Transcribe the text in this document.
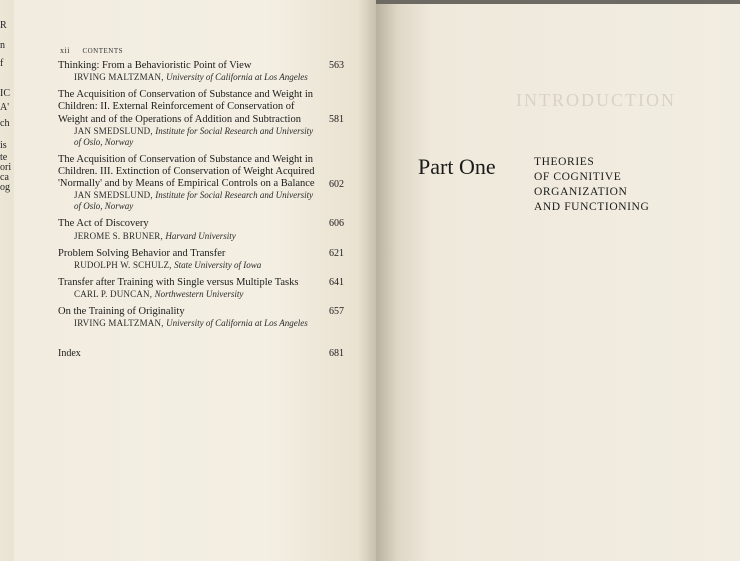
R
n
f
IC
A'
ch
is
te
ori
ca
og
INTRODUCTION
xii CONTENTS
Thinking: From a Behavioristic Point of View
IRVING MALTZMAN, University of California at Los Angeles
563
The Acquisition of Conservation of Substance and Weight in Children: II. External Reinforcement of Conservation of Weight and of the Operations of Addition and Subtraction
JAN SMEDSLUND, Institute for Social Research and University of Oslo, Norway
581
The Acquisition of Conservation of Substance and Weight in Children. III. Extinction of Conservation of Weight Acquired 'Normally' and by Means of Empirical Controls on a Balance
JAN SMEDSLUND, Institute for Social Research and University of Oslo, Norway
602
The Act of Discovery
JEROME S. BRUNER, Harvard University
606
Problem Solving Behavior and Transfer
RUDOLPH W. SCHULZ, State University of Iowa
621
Transfer after Training with Single versus Multiple Tasks
CARL P. DUNCAN, Northwestern University
641
On the Training of Originality
IRVING MALTZMAN, University of California at Los Angeles
657
Index	681
Part One	THEORIES
OF COGNITIVE
ORGANIZATION
AND FUNCTIONING
